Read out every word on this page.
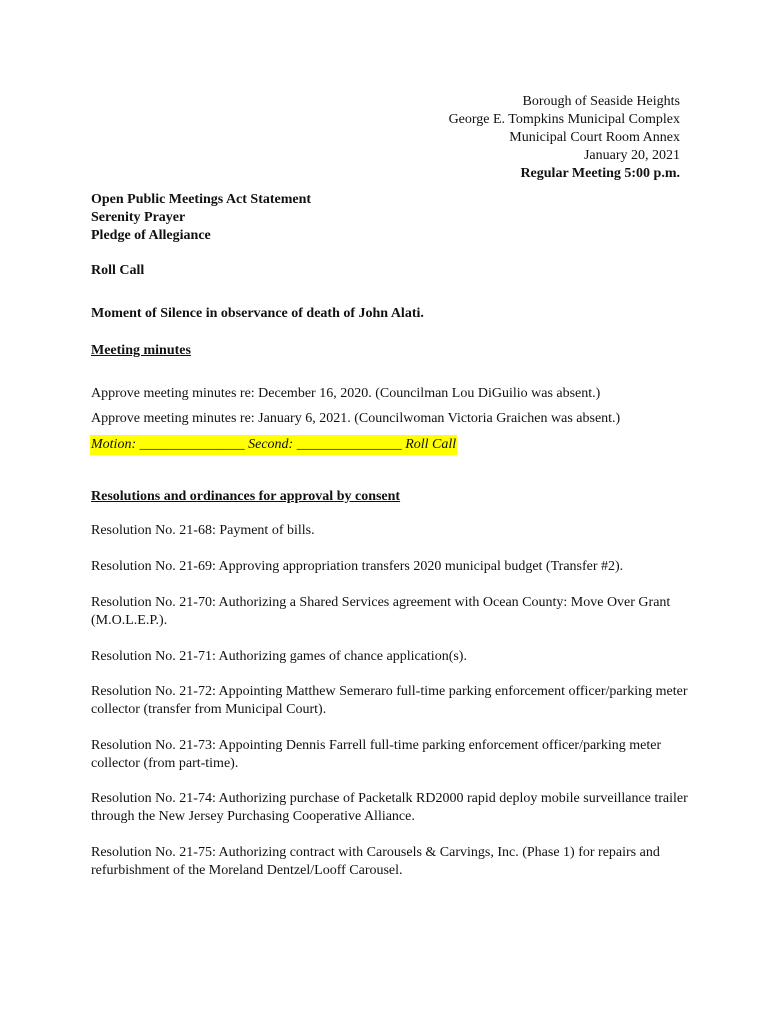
Borough of Seaside Heights
George E. Tompkins Municipal Complex
Municipal Court Room Annex
January 20, 2021
Regular Meeting 5:00 p.m.
Open Public Meetings Act Statement
Serenity Prayer
Pledge of Allegiance
Roll Call
Moment of Silence in observance of death of John Alati.
Meeting minutes
Approve meeting minutes re: December 16, 2020. (Councilman Lou DiGuilio was absent.)
Approve meeting minutes re: January 6, 2021. (Councilwoman Victoria Graichen was absent.)
Motion: _______________ Second: _______________ Roll Call
Resolutions and ordinances for approval by consent
Resolution No. 21-68: Payment of bills.
Resolution No. 21-69: Approving appropriation transfers 2020 municipal budget (Transfer #2).
Resolution No. 21-70: Authorizing a Shared Services agreement with Ocean County: Move Over Grant (M.O.L.E.P.).
Resolution No. 21-71: Authorizing games of chance application(s).
Resolution No. 21-72: Appointing Matthew Semeraro full-time parking enforcement officer/parking meter collector (transfer from Municipal Court).
Resolution No. 21-73: Appointing Dennis Farrell full-time parking enforcement officer/parking meter collector (from part-time).
Resolution No. 21-74: Authorizing purchase of Packetalk RD2000 rapid deploy mobile surveillance trailer through the New Jersey Purchasing Cooperative Alliance.
Resolution No. 21-75: Authorizing contract with Carousels & Carvings, Inc. (Phase 1) for repairs and refurbishment of the Moreland Dentzel/Looff Carousel.
